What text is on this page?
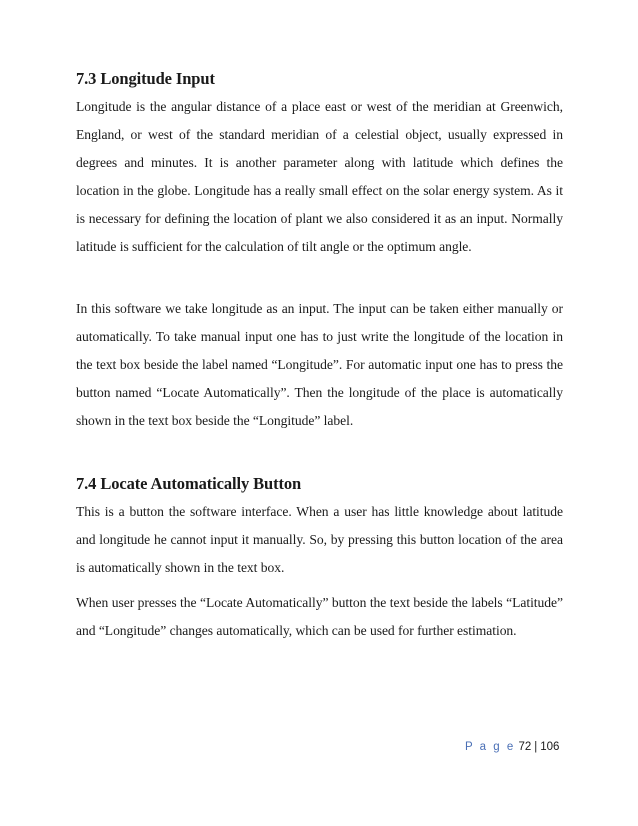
7.3 Longitude Input

Longitude is the angular distance of a place east or west of the meridian at Greenwich, England, or west of the standard meridian of a celestial object, usually expressed in degrees and minutes. It is another parameter along with latitude which defines the location in the globe. Longitude has a really small effect on the solar energy system. As it is necessary for defining the location of plant we also considered it as an input. Normally latitude is sufficient for the calculation of tilt angle or the optimum angle.

In this software we take longitude as an input. The input can be taken either manually or automatically. To take manual input one has to just write the longitude of the location in the text box beside the label named “Longitude”. For automatic input one has to press the button named “Locate Automatically”. Then the longitude of the place is automatically shown in the text box beside the “Longitude” label.

7.4 Locate Automatically Button

This is a button the software interface. When a user has little knowledge about latitude and longitude he cannot input it manually. So, by pressing this button location of the area is automatically shown in the text box.

When user presses the “Locate Automatically” button the text beside the labels “Latitude” and “Longitude” changes automatically, which can be used for further estimation.

P a g e 72 | 106
